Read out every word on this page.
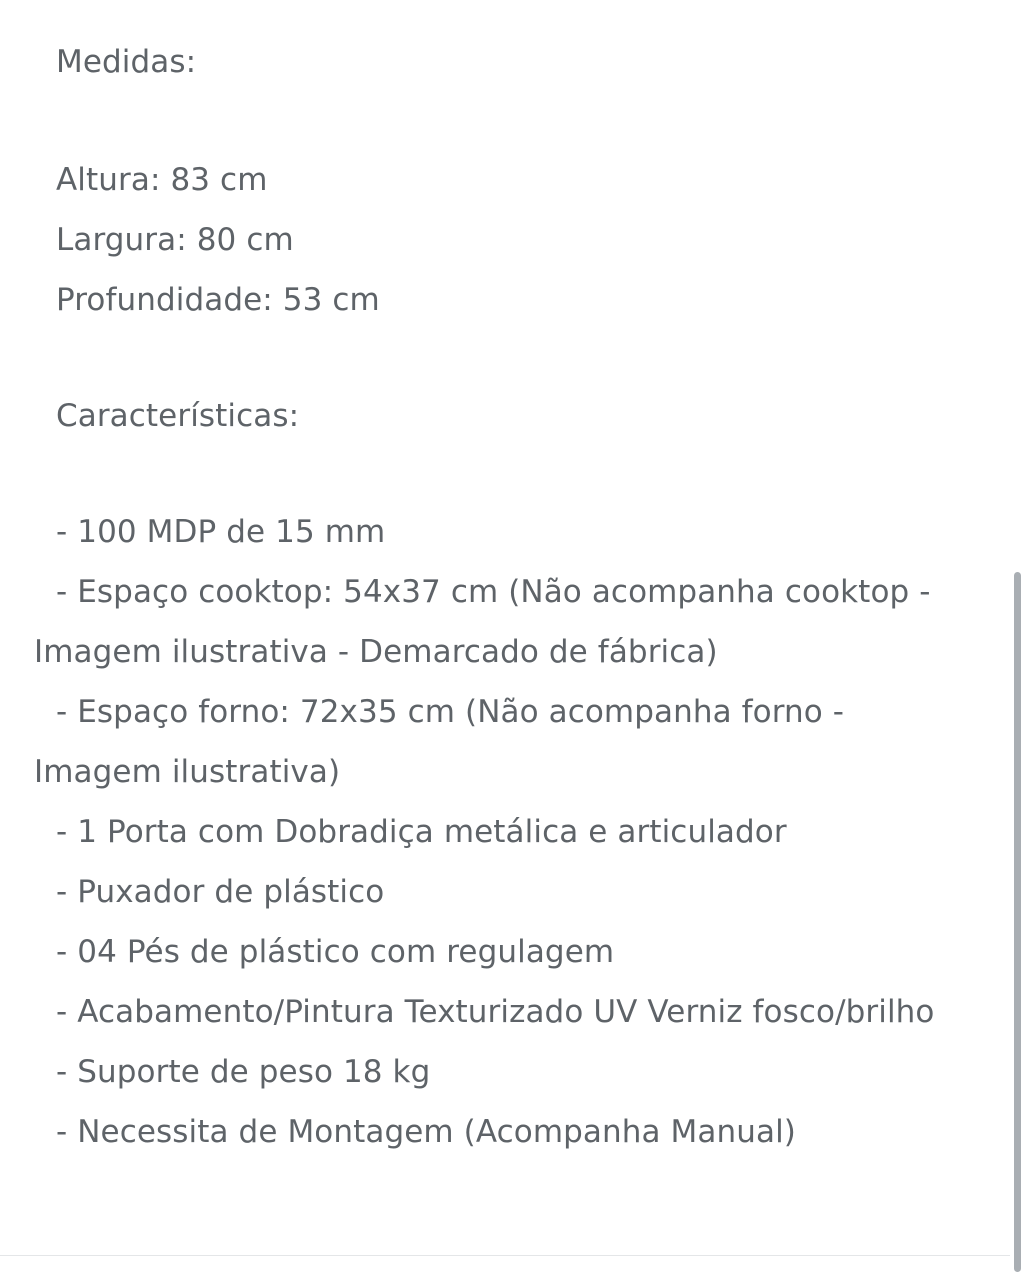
Medidas:
Altura: 83 cm
Largura: 80 cm
Profundidade: 53 cm
Características:
- 100 MDP de 15 mm
- Espaço cooktop: 54x37 cm (Não acompanha cooktop - Imagem ilustrativa - Demarcado de fábrica)
- Espaço forno: 72x35 cm (Não acompanha forno - Imagem ilustrativa)
- 1 Porta com Dobradiça metálica e articulador
- Puxador de plástico
- 04 Pés de plástico com regulagem
- Acabamento/Pintura Texturizado UV Verniz fosco/brilho
- Suporte de peso 18 kg
- Necessita de Montagem (Acompanha Manual)
